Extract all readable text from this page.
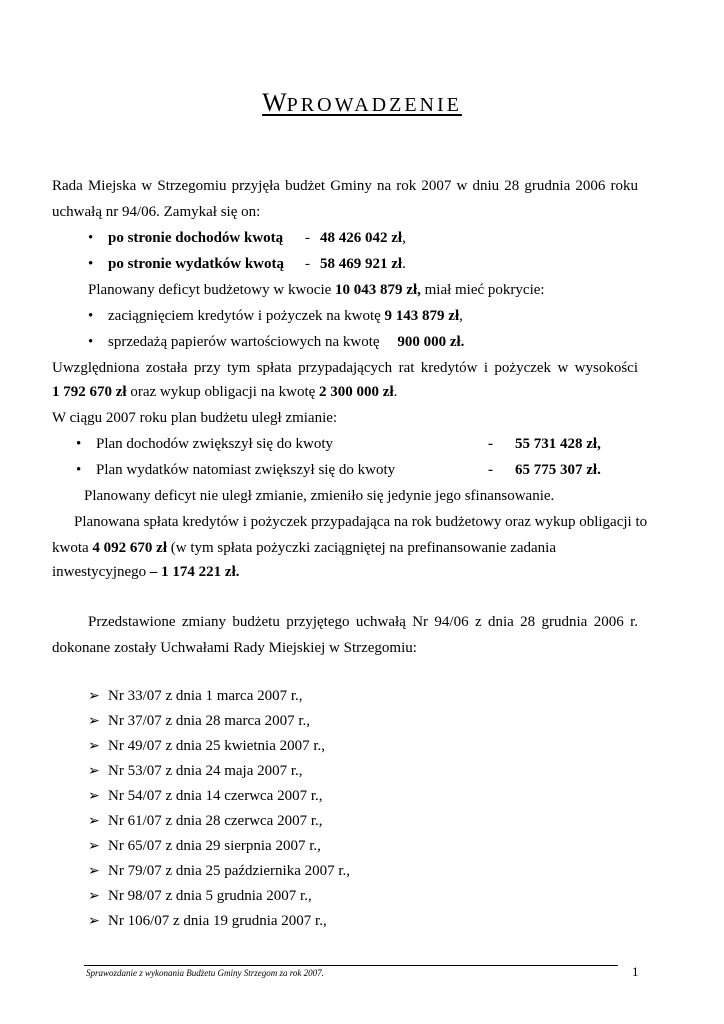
WPROWADZENIE
Rada Miejska w Strzegomiu przyjęła budżet Gminy na rok 2007 w dniu 28 grudnia 2006 roku
uchwałą nr 94/06. Zamykał się on:
• po stronie dochodów kwotą - 48 426 042 zł,
• po stronie wydatków kwotą - 58 469 921 zł.
Planowany deficyt budżetowy w kwocie 10 043 879 zł, miał mieć pokrycie:
• zaciągnięciem kredytów i pożyczek na kwotę 9 143 879 zł,
• sprzedażą papierów wartościowych na kwotę 900 000 zł.
Uwzględniona została przy tym spłata przypadających rat kredytów i pożyczek w wysokości
1 792 670 zł oraz wykup obligacji na kwotę 2 300 000 zł.
W ciągu 2007 roku plan budżetu uległ zmianie:
• Plan dochodów zwiększył się do kwoty	- 55 731 428 zł,
• Plan wydatków natomiast zwiększył się do kwoty	- 65 775 307 zł.
Planowany deficyt nie uległ zmianie, zmieniło się jedynie jego sfinansowanie.
Planowana spłata kredytów i pożyczek przypadająca na rok budżetowy oraz wykup obligacji to
kwota 4 092 670 zł (w tym spłata pożyczki zaciągniętej na prefinansowanie zadania
inwestycyjnego – 1 174 221 zł.
Przedstawione zmiany budżetu przyjętego uchwałą Nr 94/06 z dnia 28 grudnia 2006 r.
dokonane zostały Uchwałami Rady Miejskiej w Strzegomiu:
➢ Nr 33/07 z dnia 1 marca 2007 r.,
➢ Nr 37/07 z dnia 28 marca 2007 r.,
➢ Nr 49/07 z dnia 25 kwietnia 2007 r.,
➢ Nr 53/07 z dnia 24 maja 2007 r.,
➢ Nr 54/07 z dnia 14 czerwca 2007 r.,
➢ Nr 61/07 z dnia 28 czerwca 2007 r.,
➢ Nr 65/07 z dnia 29 sierpnia 2007 r.,
➢ Nr 79/07 z dnia 25 października 2007 r.,
➢ Nr 98/07 z dnia 5 grudnia 2007 r.,
➢ Nr 106/07 z dnia 19 grudnia 2007 r.,
Sprawozdanie z wykonania Budżetu Gminy Strzegom za rok 2007.	1
